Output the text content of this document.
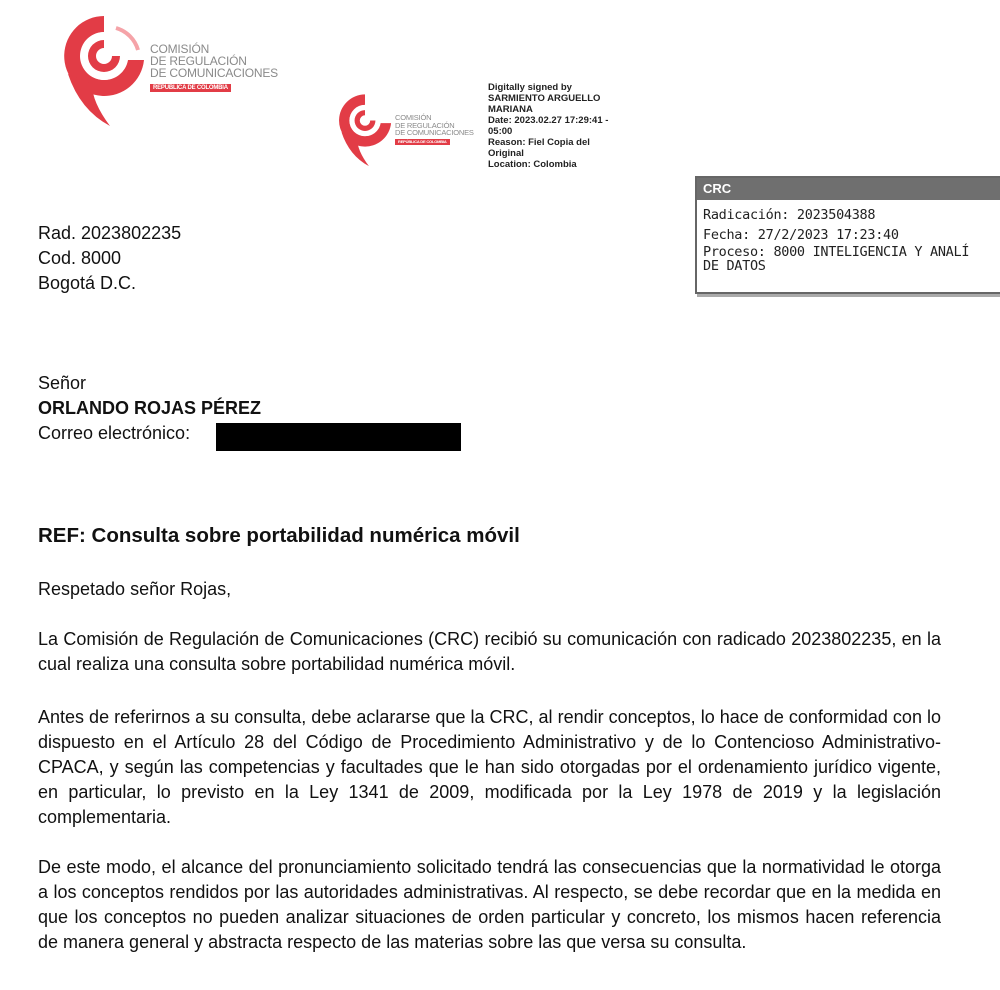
COMISIÓN
DE REGULACIÓN
DE COMUNICACIONES
REPÚBLICA DE COLOMBIA
COMISIÓN
DE REGULACIÓN
DE COMUNICACIONES
REPÚBLICA DE COLOMBIA
Digitally signed by
SARMIENTO ARGUELLO
MARIANA
Date: 2023.02.27 17:29:41 -
05:00
Reason: Fiel Copia del
Original
Location: Colombia
CRC
Radicación: 2023504388
Fecha: 27/2/2023 17:23:40
Proceso: 8000 INTELIGENCIA Y ANALÍ
DE DATOS
Rad. 2023802235
Cod. 8000
Bogotá D.C.
Señor
ORLANDO ROJAS PÉREZ
Correo electrónico:
REF: Consulta sobre portabilidad numérica móvil
Respetado señor Rojas,
La Comisión de Regulación de Comunicaciones (CRC) recibió su comunicación con radicado 2023802235, en la cual realiza una consulta sobre portabilidad numérica móvil.
Antes de referirnos a su consulta, debe aclararse que la CRC, al rendir conceptos, lo hace de conformidad con lo dispuesto en el Artículo 28 del Código de Procedimiento Administrativo y de lo Contencioso Administrativo- CPACA, y según las competencias y facultades que le han sido otorgadas por el ordenamiento jurídico vigente, en particular, lo previsto en la Ley 1341 de 2009, modificada por la Ley 1978 de 2019 y la legislación complementaria.
De este modo, el alcance del pronunciamiento solicitado tendrá las consecuencias que la normatividad le otorga a los conceptos rendidos por las autoridades administrativas. Al respecto, se debe recordar que en la medida en que los conceptos no pueden analizar situaciones de orden particular y concreto, los mismos hacen referencia de manera general y abstracta respecto de las materias sobre las que versa su consulta.
